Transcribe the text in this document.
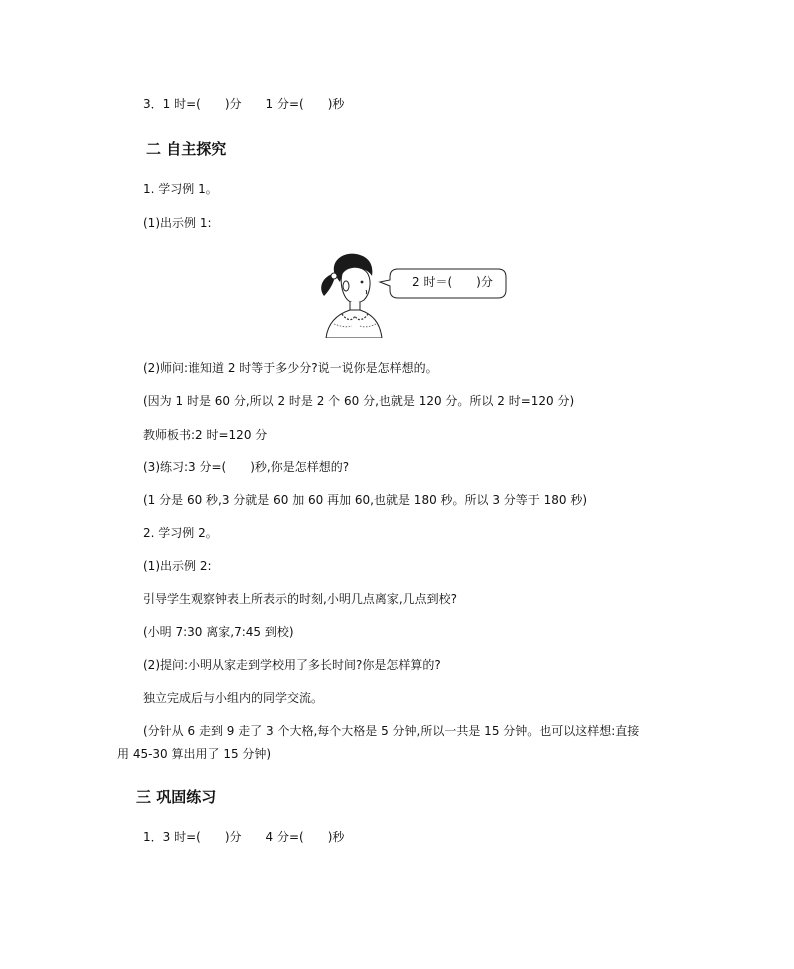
3．1 时=(　　)分　　1 分=(　　)秒
二 自主探究
1. 学习例 1。
(1)出示例 1:
2 时＝(　　)分
(2)师问:谁知道 2 时等于多少分?说一说你是怎样想的。
(因为 1 时是 60 分,所以 2 时是 2 个 60 分,也就是 120 分。所以 2 时=120 分)
教师板书:2 时=120 分
(3)练习:3 分=(　　)秒,你是怎样想的?
(1 分是 60 秒,3 分就是 60 加 60 再加 60,也就是 180 秒。所以 3 分等于 180 秒)
2. 学习例 2。
(1)出示例 2:
引导学生观察钟表上所表示的时刻,小明几点离家,几点到校?
(小明 7:30 离家,7:45 到校)
(2)提问:小明从家走到学校用了多长时间?你是怎样算的?
独立完成后与小组内的同学交流。
(分针从 6 走到 9 走了 3 个大格,每个大格是 5 分钟,所以一共是 15 分钟。也可以这样想:直接
用 45-30 算出用了 15 分钟)
三 巩固练习
1．3 时=(　　)分　　4 分=(　　)秒
